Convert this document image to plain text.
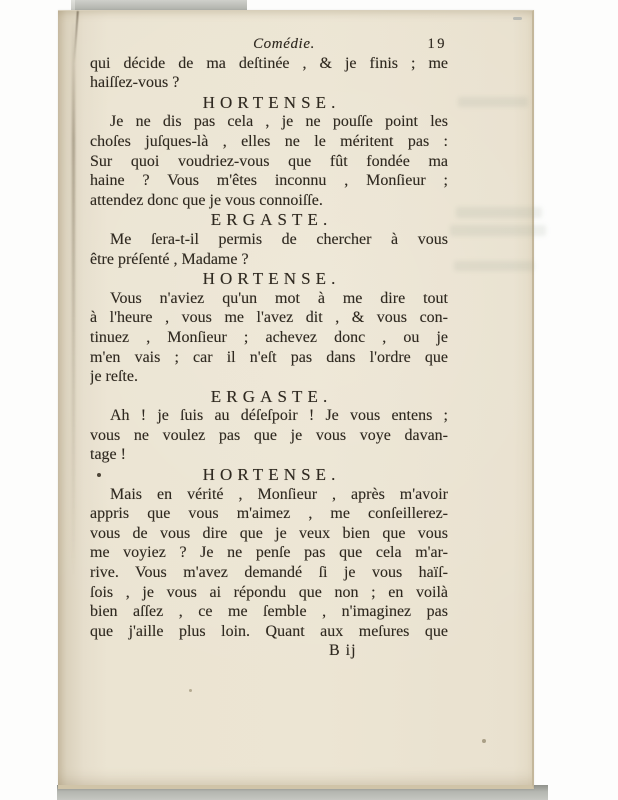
Comédie.	19
qui décide de ma deſtinée , & je finis ; me
haiſſez-vous ?
HORTENSE.
Je ne dis pas cela , je ne pouſſe point les
choſes juſques-là , elles ne le méritent pas :
Sur quoi voudriez-vous que fût fondée ma
haine ? Vous m'êtes inconnu , Monſieur ;
attendez donc que je vous connoiſſe.
ERGASTE.
Me ſera-t-il permis de chercher à vous
être préſenté , Madame ?
HORTENSE.
Vous n'aviez qu'un mot à me dire tout
à l'heure , vous me l'avez dit , & vous con-
tinuez , Monſieur ; achevez donc , ou je
m'en vais ; car il n'eſt pas dans l'ordre que
je reſte.
ERGASTE.
Ah ! je ſuis au déſeſpoir ! Je vous entens ;
vous ne voulez pas que je vous voye davan-
tage !
HORTENSE.
Mais en vérité , Monſieur , après m'avoir
appris que vous m'aimez , me conſeillerez-
vous de vous dire que je veux bien que vous
me voyiez ? Je ne penſe pas que cela m'ar-
rive. Vous m'avez demandé ſi je vous haïſ-
ſois , je vous ai répondu que non ; en voilà
bien aſſez , ce me ſemble , n'imaginez pas
que j'aille plus loin. Quant aux meſures que
B ij
